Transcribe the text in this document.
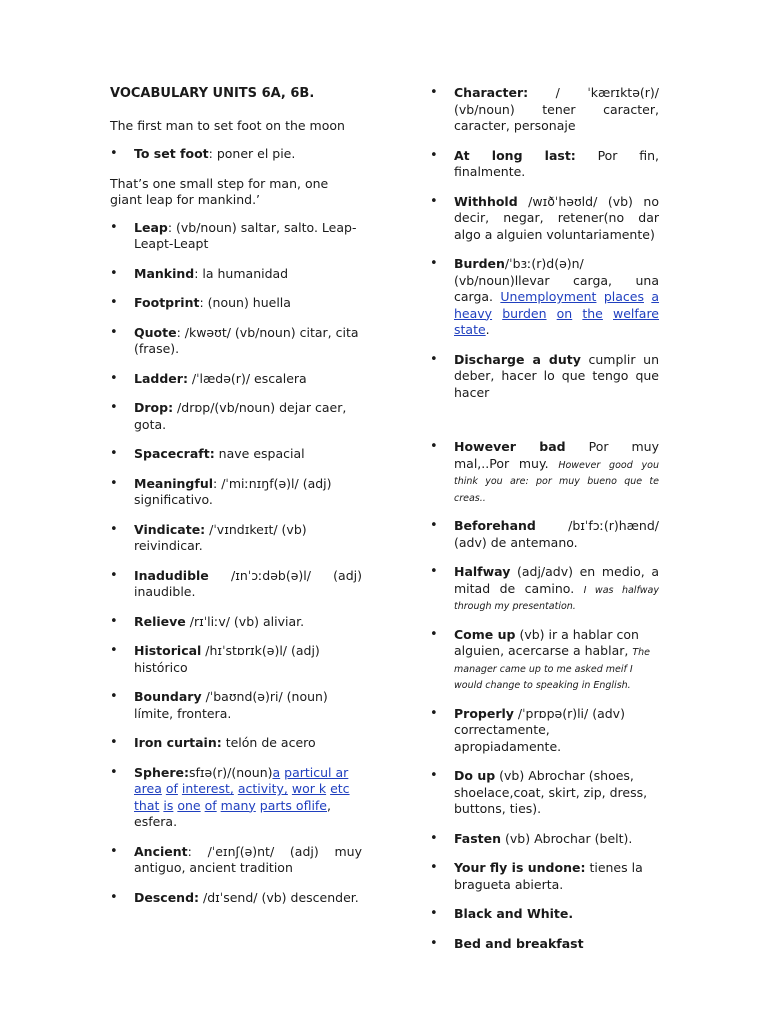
VOCABULARY UNITS 6A, 6B.

The first man to set foot on the moon

• To set foot: poner el pie.

That’s one small step for man, one giant leap for mankind.’

• Leap: (vb/noun) saltar, salto. Leap-Leapt-Leapt
• Mankind: la humanidad
• Footprint: (noun) huella
• Quote: /kwəʊt/ (vb/noun) citar, cita (frase).
• Ladder: /ˈlædə(r)/ escalera
• Drop: /drɒp/(vb/noun) dejar caer, gota.
• Spacecraft: nave espacial
• Meaningful: /ˈmiːnɪŋf(ə)l/ (adj) significativo.
• Vindicate: /ˈvɪndɪkeɪt/ (vb) reivindicar.
• Inadudible /ɪnˈɔːdəb(ə)l/ (adj) inaudible.
• Relieve /rɪˈliːv/ (vb) aliviar.
• Historical /hɪˈstɒrɪk(ə)l/ (adj) histórico
• Boundary /ˈbaʊnd(ə)ri/ (noun) límite, frontera.
• Iron curtain: telón de acero
• Sphere:sfɪə(r)/(noun)a particul ar area of interest, activity, wor k etc that is one of many parts oflife, esfera.
• Ancient: /ˈeɪnʃ(ə)nt/ (adj) muy antiguo, ancient tradition
• Descend: /dɪˈsend/ (vb) descender.
• Character: / ˈkærɪktə(r)/ (vb/noun) tener caracter, caracter, personaje
• At long last: Por fin, finalmente.
• Withhold /wɪðˈhəʊld/ (vb) no decir, negar, retener(no dar algo a alguien voluntariamente)
• Burden/ˈbɜː(r)d(ə)n/ (vb/noun)llevar carga, una carga. Unemployment places a heavy burden on the welfare state.
• Discharge a duty cumplir un deber, hacer lo que tengo que hacer
• However bad Por muy mal,..Por muy. However good you think you are: por muy bueno que te creas..
• Beforehand /bɪˈfɔː(r)hænd/ (adv) de antemano.
• Halfway (adj/adv) en medio, a mitad de camino. I was halfway through my presentation.
• Come up (vb) ir a hablar con alguien, acercarse a hablar, The manager came up to me asked meif I would change to speaking in English.
• Properly /ˈprɒpə(r)li/ (adv) correctamente, apropiadamente.
• Do up (vb) Abrochar (shoes, shoelace,coat, skirt, zip, dress, buttons, ties).
• Fasten (vb) Abrochar (belt).
• Your fly is undone: tienes la bragueta abierta.
• Black and White.
• Bed and breakfast
